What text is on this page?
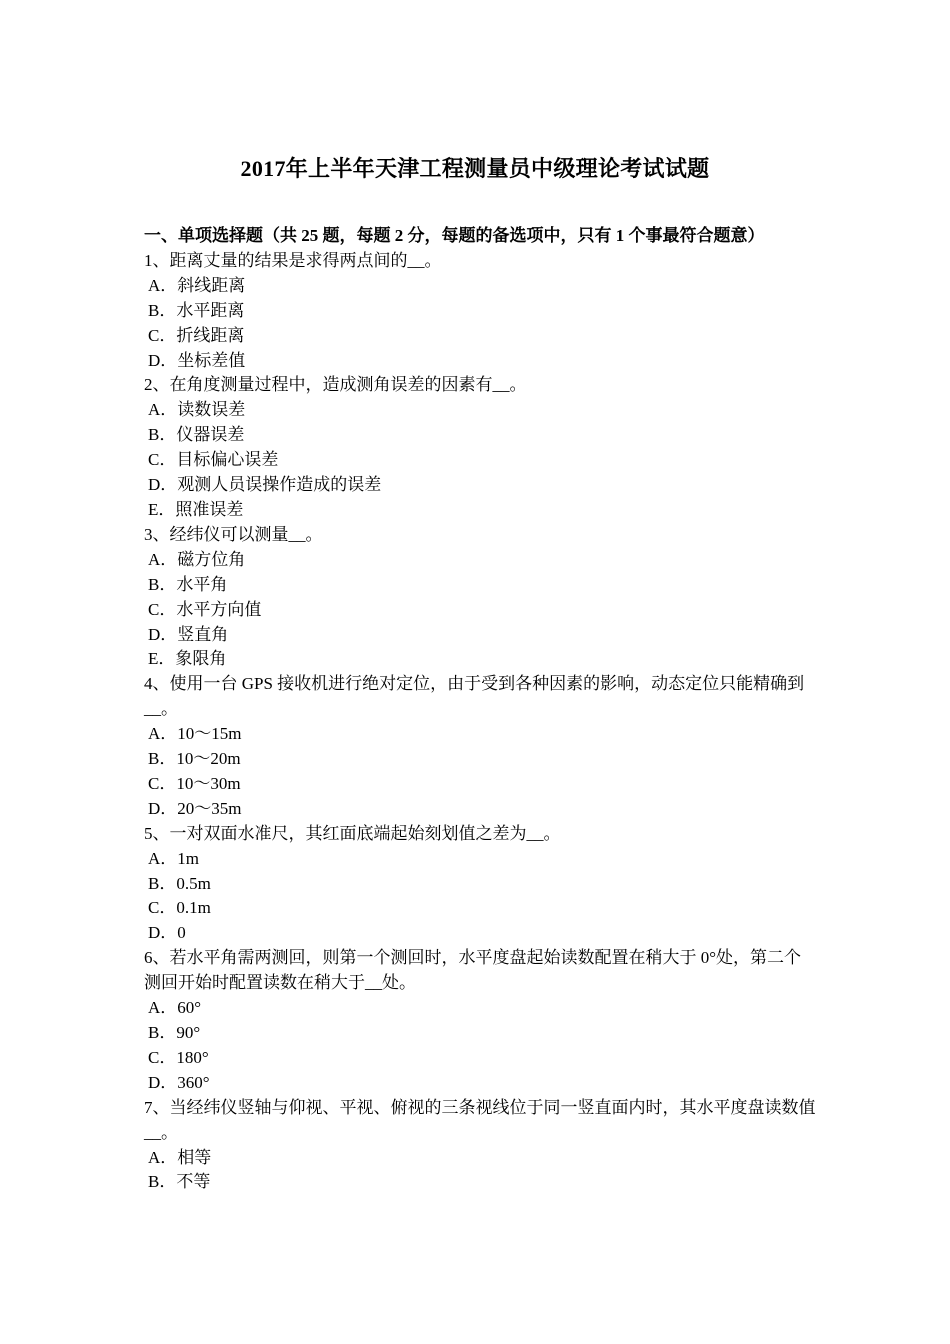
2017年上半年天津工程测量员中级理论考试试题

一、单项选择题（共 25 题，每题 2 分，每题的备选项中，只有 1 个事最符合题意）

1、距离丈量的结果是求得两点间的__。

A．斜线距离

B．水平距离

C．折线距离

D．坐标差值

2、在角度测量过程中，造成测角误差的因素有__。

A．读数误差

B．仪器误差

C．目标偏心误差

D．观测人员误操作造成的误差

E．照准误差

3、经纬仪可以测量__。

A．磁方位角

B．水平角

C．水平方向值

D．竖直角

E．象限角

4、使用一台 GPS 接收机进行绝对定位，由于受到各种因素的影响，动态定位只能精确到__。

A．10～15m

B．10～20m

C．10～30m

D．20～35m

5、一对双面水准尺，其红面底端起始刻划值之差为__。

A．1m

B．0.5m

C．0.1m

D．0

6、若水平角需两测回，则第一个测回时，水平度盘起始读数配置在稍大于 0°处，第二个测回开始时配置读数在稍大于__处。

A．60°

B．90°

C．180°

D．360°

7、当经纬仪竖轴与仰视、平视、俯视的三条视线位于同一竖直面内时，其水平度盘读数值__。

A．相等

B．不等
